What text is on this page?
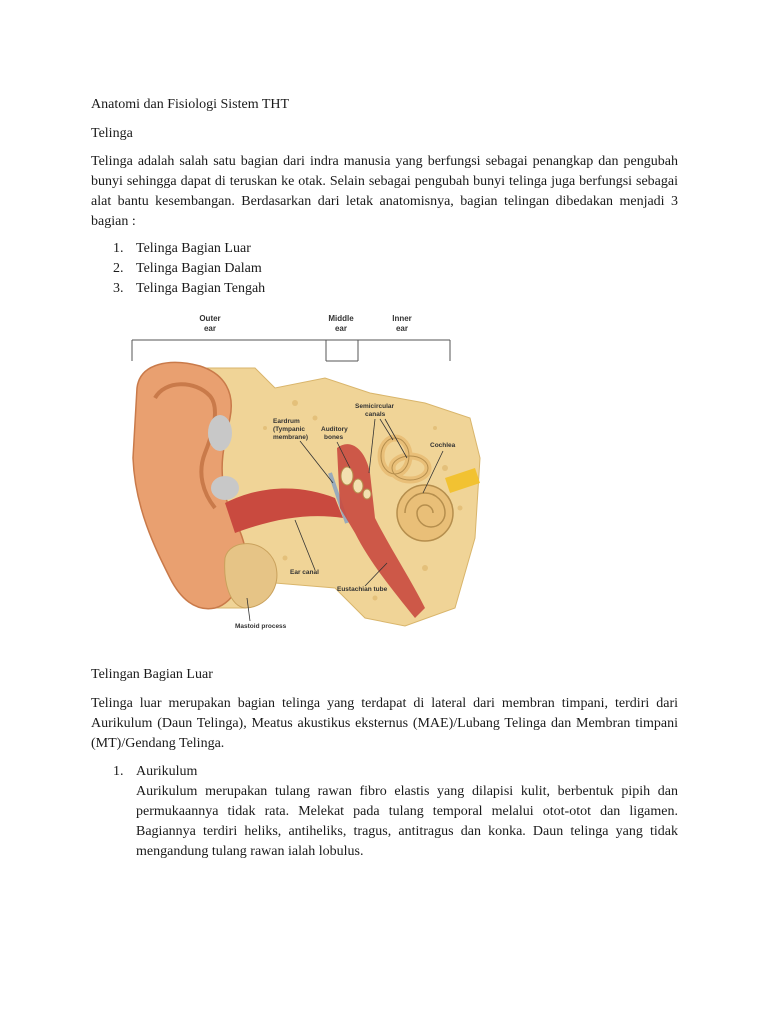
Anatomi dan Fisiologi Sistem THT

Telinga

Telinga adalah salah satu bagian dari indra manusia yang berfungsi sebagai penangkap dan pengubah bunyi sehingga dapat di teruskan ke otak. Selain sebagai pengubah bunyi telinga juga berfungsi sebagai alat bantu kesembangan. Berdasarkan dari letak anatomisnya, bagian telingan dibedakan menjadi 3 bagian :

1. Telinga Bagian Luar
2. Telinga Bagian Dalam
3. Telinga Bagian Tengah
Outer
ear
Middle
ear
Inner
ear
Eardrum
(Tympanic
membrane)
Auditory
bones
Semicircular
canals
Cochlea
Ear canal
Eustachian tube
Mastoid process

Telingan Bagian Luar

Telinga luar merupakan bagian telinga yang terdapat di lateral dari membran timpani, terdiri dari Aurikulum (Daun Telinga), Meatus akustikus eksternus (MAE)/Lubang Telinga dan Membran timpani (MT)/Gendang Telinga.

1. Aurikulum

Aurikulum merupakan tulang rawan fibro elastis yang dilapisi kulit, berbentuk pipih dan permukaannya tidak rata. Melekat pada tulang temporal melalui otot-otot dan ligamen. Bagiannya terdiri heliks, antiheliks, tragus, antitragus dan konka. Daun telinga yang tidak mengandung tulang rawan ialah lobulus.
